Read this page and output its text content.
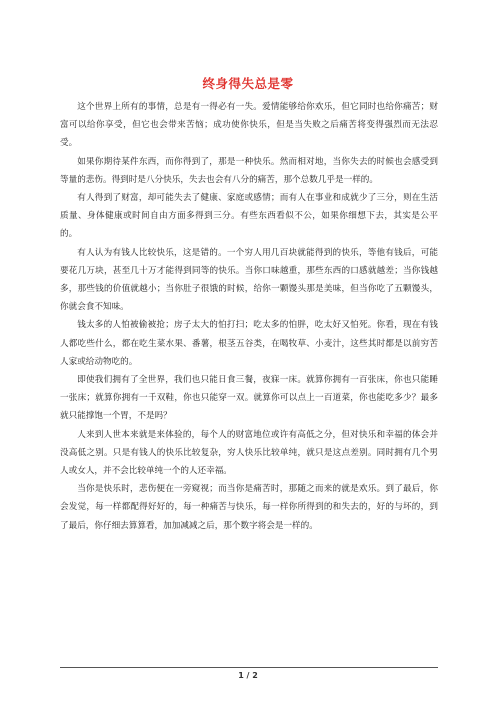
终身得失总是零

这个世界上所有的事情，总是有一得必有一失。爱情能够给你欢乐，但它同时也给你痛苦；财富可以给你享受，但它也会带来苦恼；成功使你快乐，但是当失败之后痛苦将变得强烈而无法忍受。

如果你期待某件东西，而你得到了，那是一种快乐。然而相对地，当你失去的时候也会感受到等量的悲伤。得到时是八分快乐，失去也会有八分的痛苦，那个总数几乎是一样的。

有人得到了财富，却可能失去了健康、家庭或感情；而有人在事业和成就少了三分，则在生活质量、身体健康或时间自由方面多得到三分。有些东西看似不公，如果你细想下去，其实是公平的。

有人认为有钱人比较快乐，这是错的。一个穷人用几百块就能得到的快乐，等他有钱后，可能要花几万块，甚至几十万才能得到同等的快乐。当你口味越重，那些东西的口感就越差；当你钱越多，那些钱的价值就越小；当你肚子很饿的时候，给你一颗馒头那是美味，但当你吃了五颗馒头，你就会食不知味。

钱太多的人怕被偷被抢；房子太大的怕打扫；吃太多的怕胖，吃太好又怕死。你看，现在有钱人都吃些什么，都在吃生菜水果、番薯，根茎五谷类，在喝牧草、小麦汁，这些其时都是以前穷苦人家或给动物吃的。

即使我们拥有了全世界，我们也只能日食三餐，夜寐一床。就算你拥有一百张床，你也只能睡一张床；就算你拥有一千双鞋，你也只能穿一双。就算你可以点上一百道菜，你也能吃多少？最多就只能撑饱一个胃，不是吗？

人来到人世本来就是来体验的，每个人的财富地位或许有高低之分，但对快乐和幸福的体会并没高低之别。只是有钱人的快乐比较复杂，穷人快乐比较单纯，就只是这点差别。同时拥有几个男人或女人，并不会比较单纯一个的人还幸福。

当你是快乐时，悲伤便在一旁窥视；而当你是痛苦时，那随之而来的就是欢乐。到了最后，你会发觉，每一样都配得好好的，每一种痛苦与快乐，每一样你所得到的和失去的，好的与坏的，到了最后，你仔细去算算看，加加减减之后，那个数字将会是一样的。

1 / 2
